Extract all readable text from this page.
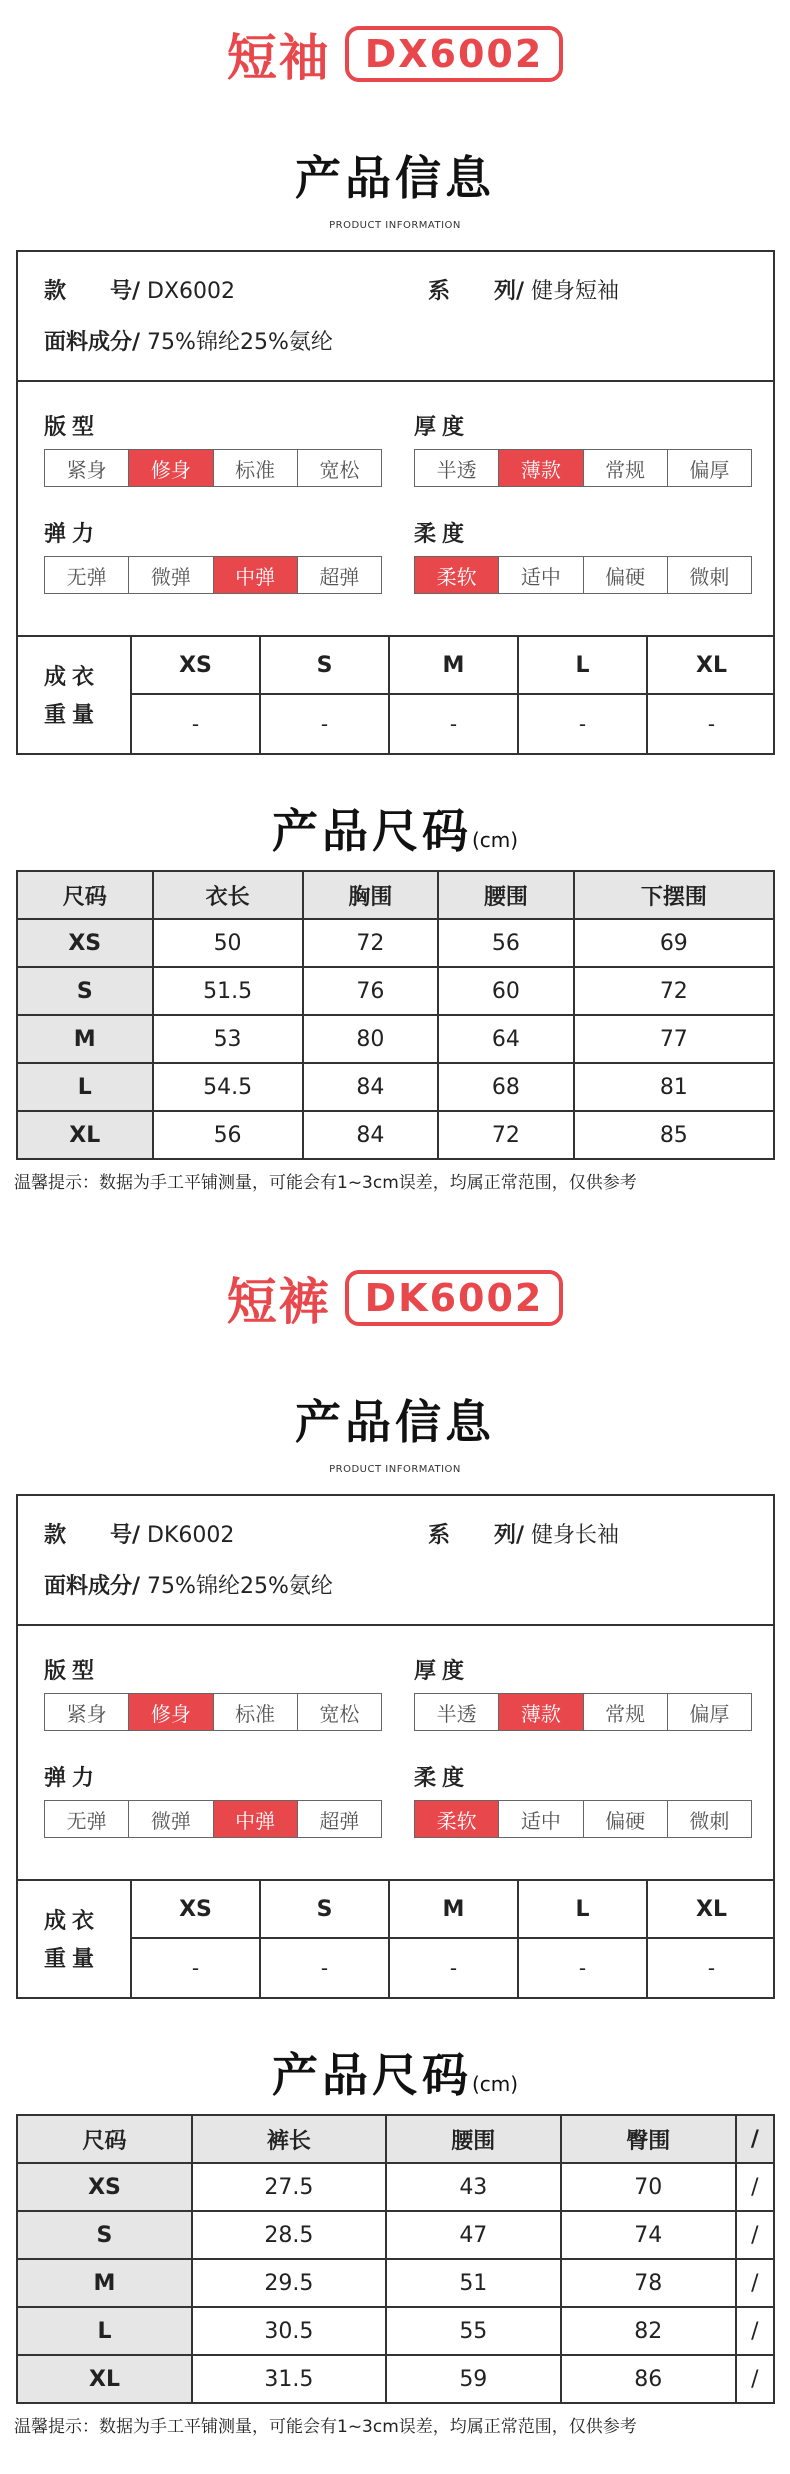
短袖 DX6002
产品信息
PRODUCT INFORMATION
款　　号/ DX6002	系　　列/ 健身短袖
面料成分/ 75%锦纶25%氨纶
版型
紧身	修身	标准	宽松
厚度
半透	薄款	常规	偏厚
弹力
无弹	微弹	中弹	超弹
柔度
柔软	适中	偏硬	微刺
成衣重量
XS	S	M	L	XL
-	-	-	-	-
产品尺码(cm)
尺码	衣长	胸围	腰围	下摆围
XS	50	72	56	69
S	51.5	76	60	72
M	53	80	64	77
L	54.5	84	68	81
XL	56	84	72	85
温馨提示：数据为手工平铺测量，可能会有1~3cm误差，均属正常范围，仅供参考
短裤 DK6002
产品信息
PRODUCT INFORMATION
款　　号/ DK6002	系　　列/ 健身长袖
面料成分/ 75%锦纶25%氨纶
版型
紧身	修身	标准	宽松
厚度
半透	薄款	常规	偏厚
弹力
无弹	微弹	中弹	超弹
柔度
柔软	适中	偏硬	微刺
成衣重量
XS	S	M	L	XL
-	-	-	-	-
产品尺码(cm)
尺码	裤长	腰围	臀围	/
XS	27.5	43	70	/
S	28.5	47	74	/
M	29.5	51	78	/
L	30.5	55	82	/
XL	31.5	59	86	/
温馨提示：数据为手工平铺测量，可能会有1~3cm误差，均属正常范围，仅供参考
